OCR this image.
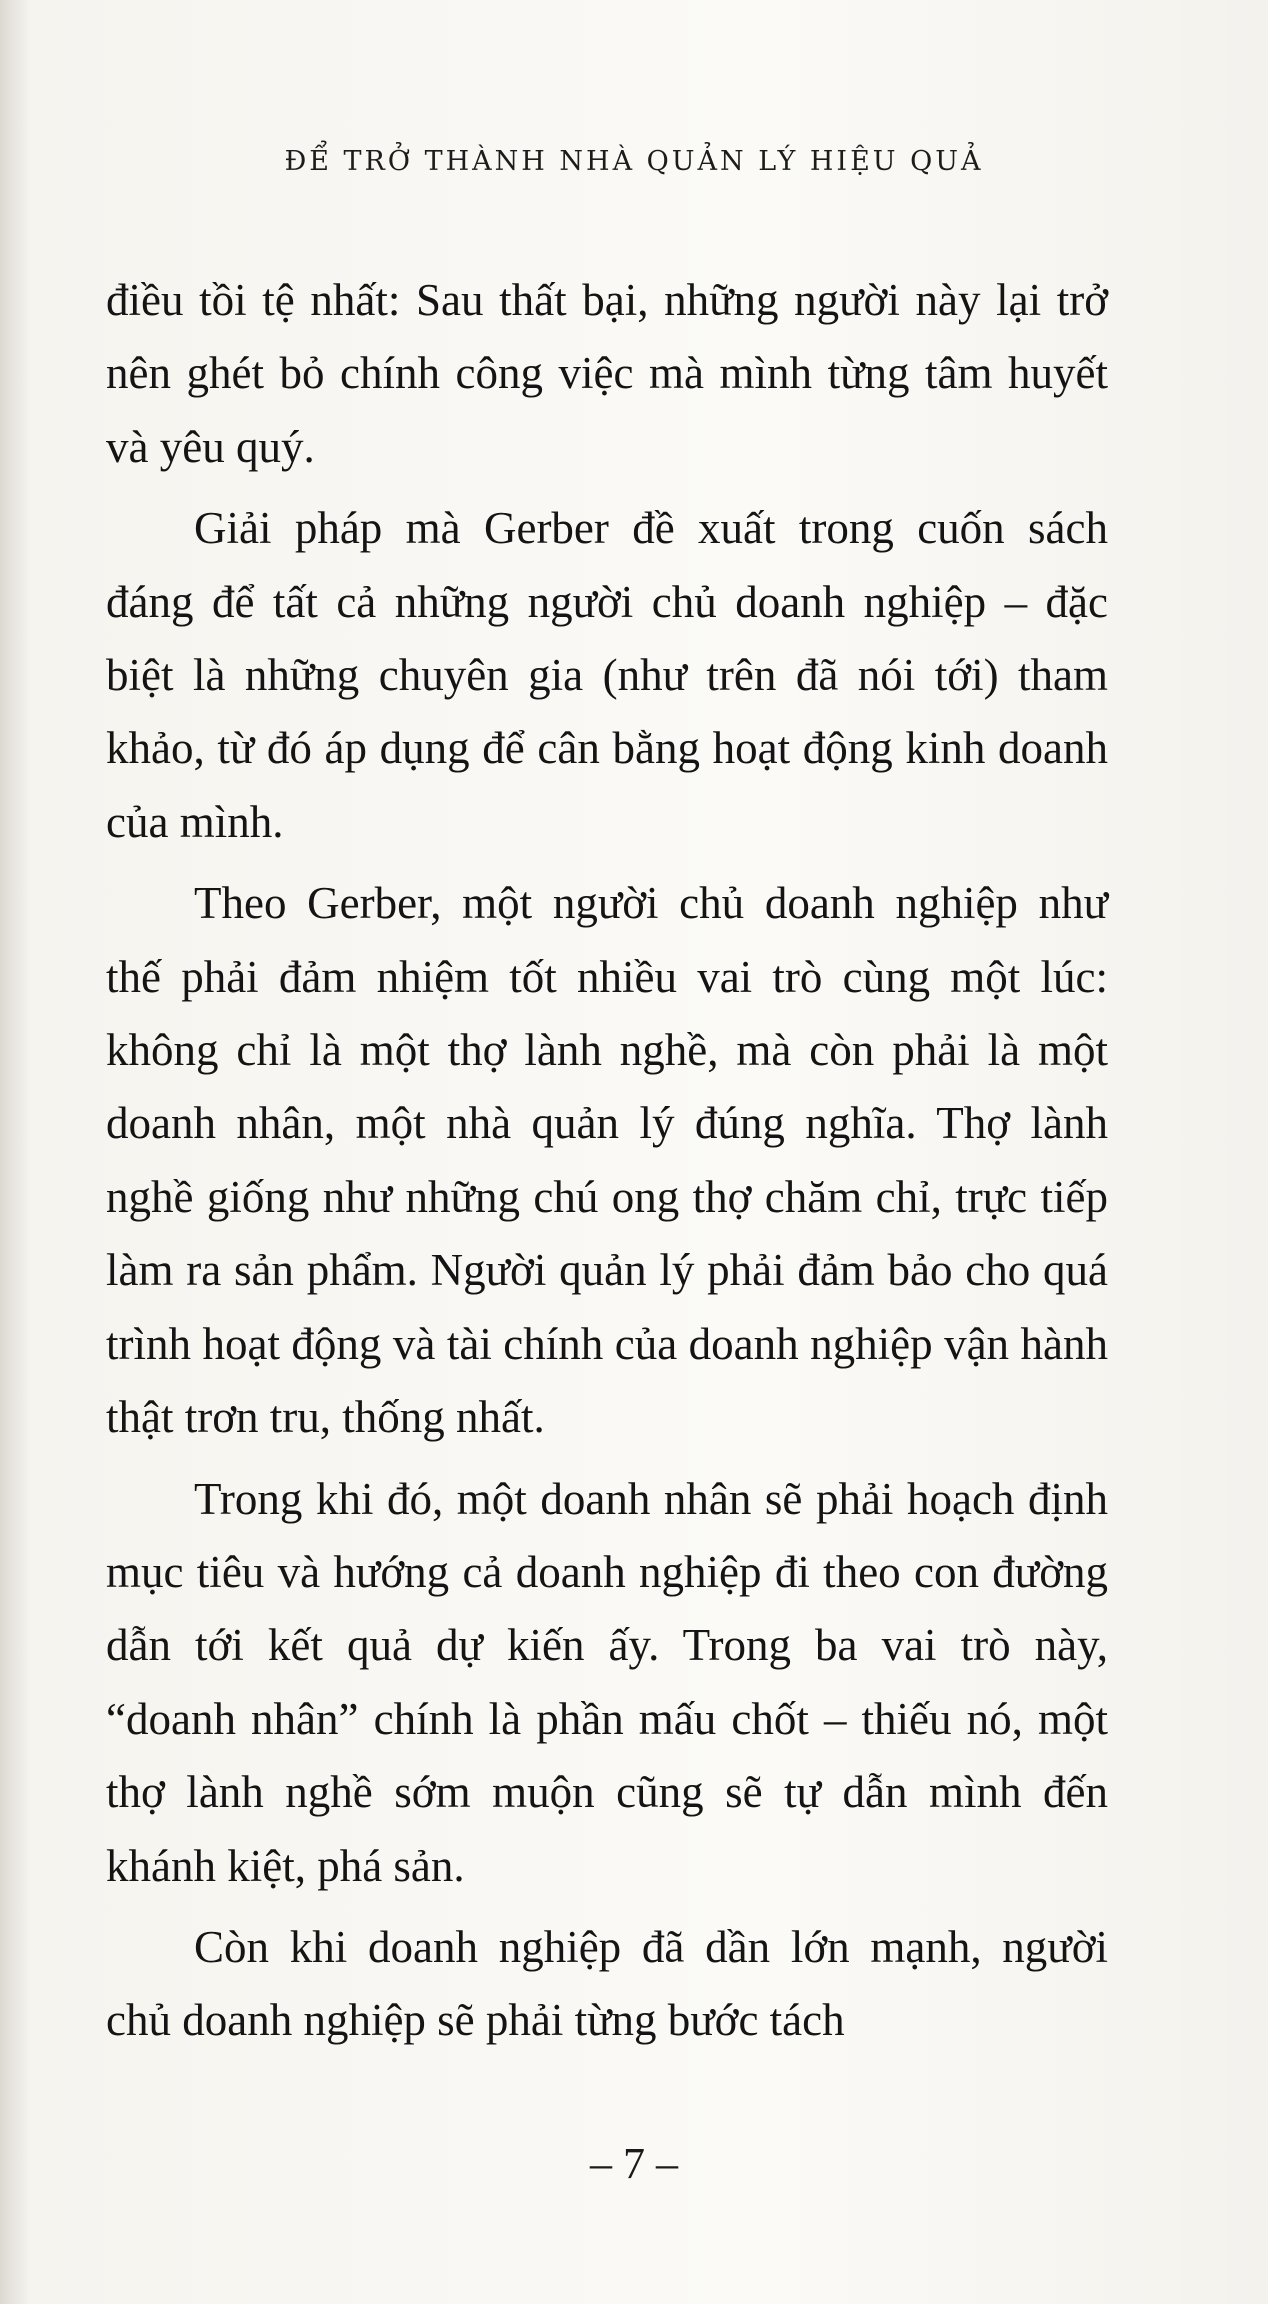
ĐỂ TRỞ THÀNH NHÀ QUẢN LÝ HIỆU QUẢ

điều tồi tệ nhất: Sau thất bại, những người này lại trở nên ghét bỏ chính công việc mà mình từng tâm huyết và yêu quý.

Giải pháp mà Gerber đề xuất trong cuốn sách đáng để tất cả những người chủ doanh nghiệp – đặc biệt là những chuyên gia (như trên đã nói tới) tham khảo, từ đó áp dụng để cân bằng hoạt động kinh doanh của mình.

Theo Gerber, một người chủ doanh nghiệp như thế phải đảm nhiệm tốt nhiều vai trò cùng một lúc: không chỉ là một thợ lành nghề, mà còn phải là một doanh nhân, một nhà quản lý đúng nghĩa. Thợ lành nghề giống như những chú ong thợ chăm chỉ, trực tiếp làm ra sản phẩm. Người quản lý phải đảm bảo cho quá trình hoạt động và tài chính của doanh nghiệp vận hành thật trơn tru, thống nhất.

Trong khi đó, một doanh nhân sẽ phải hoạch định mục tiêu và hướng cả doanh nghiệp đi theo con đường dẫn tới kết quả dự kiến ấy. Trong ba vai trò này, “doanh nhân” chính là phần mấu chốt – thiếu nó, một thợ lành nghề sớm muộn cũng sẽ tự dẫn mình đến khánh kiệt, phá sản.

Còn khi doanh nghiệp đã dần lớn mạnh, người chủ doanh nghiệp sẽ phải từng bước tách

– 7 –
